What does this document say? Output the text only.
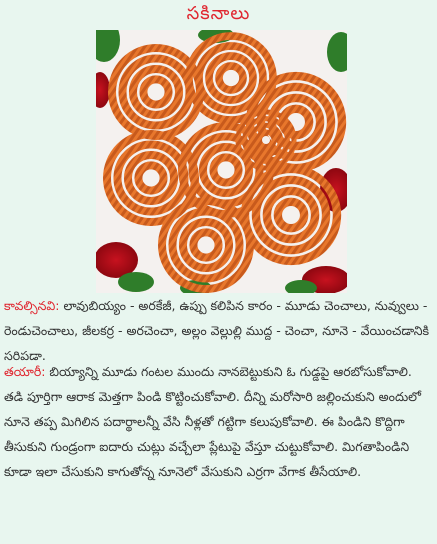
సకినాలు
కావల్సినవి: లావుబియ్యం - అరకేజీ, ఉప్పు కలిపిన కారం - మూడు చెంచాలు, నువ్వులు - రెండుచెంచాలు, జీలకర్ర - అరచెంచా, అల్లం వెల్లుల్లి ముద్ద - చెంచా, నూనె - వేయించడానికి సరిపడా.
తయారీ: బియ్యాన్ని మూడు గంటల ముందు నానబెట్టుకుని ఓ గుడ్డపై ఆరబోసుకోవాలి. తడి పూర్తిగా ఆరాక మెత్తగా పిండి కొట్టించుకోవాలి. దీన్ని మరోసారి జల్లించుకుని అందులో నూనె తప్ప మిగిలిన పదార్థాలన్నీ వేసి నీళ్లతో గట్టిగా కలుపుకోవాలి. ఈ పిండిని కొద్దిగా తీసుకుని గుండ్రంగా ఐదారు చుట్లు వచ్చేలా ప్లేటుపై వేస్తూ చుట్టుకోవాలి. మిగతాపిండిని కూడా ఇలా చేసుకుని కాగుతోన్న నూనెలో వేసుకుని ఎర్రగా వేగాక తీసేయాలి.
